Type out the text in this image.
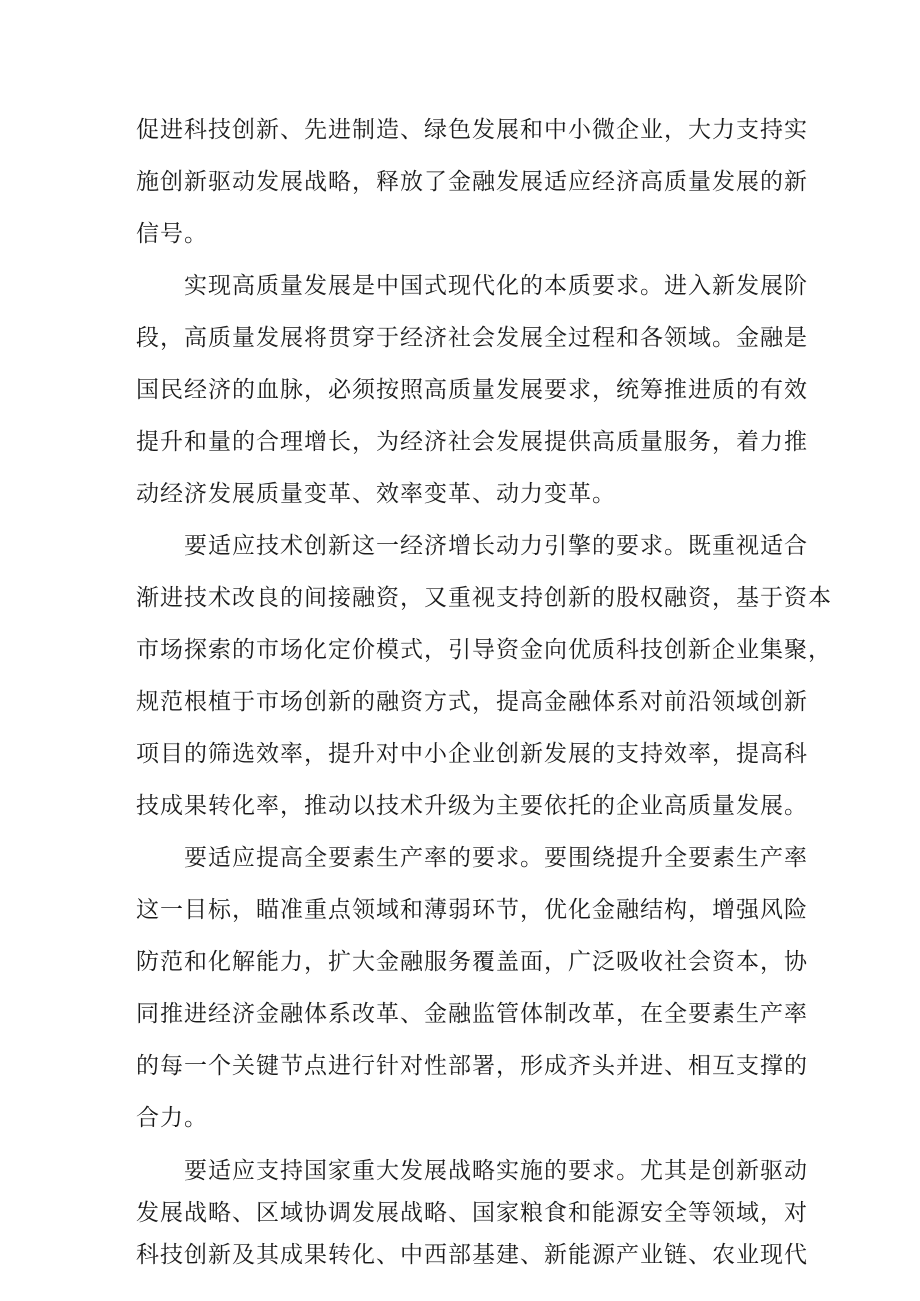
促进科技创新、先进制造、绿色发展和中小微企业，大力支持实
施创新驱动发展战略，释放了金融发展适应经济高质量发展的新
信号。

实现高质量发展是中国式现代化的本质要求。进入新发展阶
段，高质量发展将贯穿于经济社会发展全过程和各领域。金融是
国民经济的血脉，必须按照高质量发展要求，统筹推进质的有效
提升和量的合理增长，为经济社会发展提供高质量服务，着力推
动经济发展质量变革、效率变革、动力变革。

要适应技术创新这一经济增长动力引擎的要求。既重视适合
渐进技术改良的间接融资，又重视支持创新的股权融资，基于资本
市场探索的市场化定价模式，引导资金向优质科技创新企业集聚，
规范根植于市场创新的融资方式，提高金融体系对前沿领域创新
项目的筛选效率，提升对中小企业创新发展的支持效率，提高科
技成果转化率，推动以技术升级为主要依托的企业高质量发展。

要适应提高全要素生产率的要求。要围绕提升全要素生产率
这一目标，瞄准重点领域和薄弱环节，优化金融结构，增强风险
防范和化解能力，扩大金融服务覆盖面，广泛吸收社会资本，协
同推进经济金融体系改革、金融监管体制改革，在全要素生产率
的每一个关键节点进行针对性部署，形成齐头并进、相互支撑的
合力。

要适应支持国家重大发展战略实施的要求。尤其是创新驱动
发展战略、区域协调发展战略、国家粮食和能源安全等领域，对
科技创新及其成果转化、中西部基建、新能源产业链、农业现代
